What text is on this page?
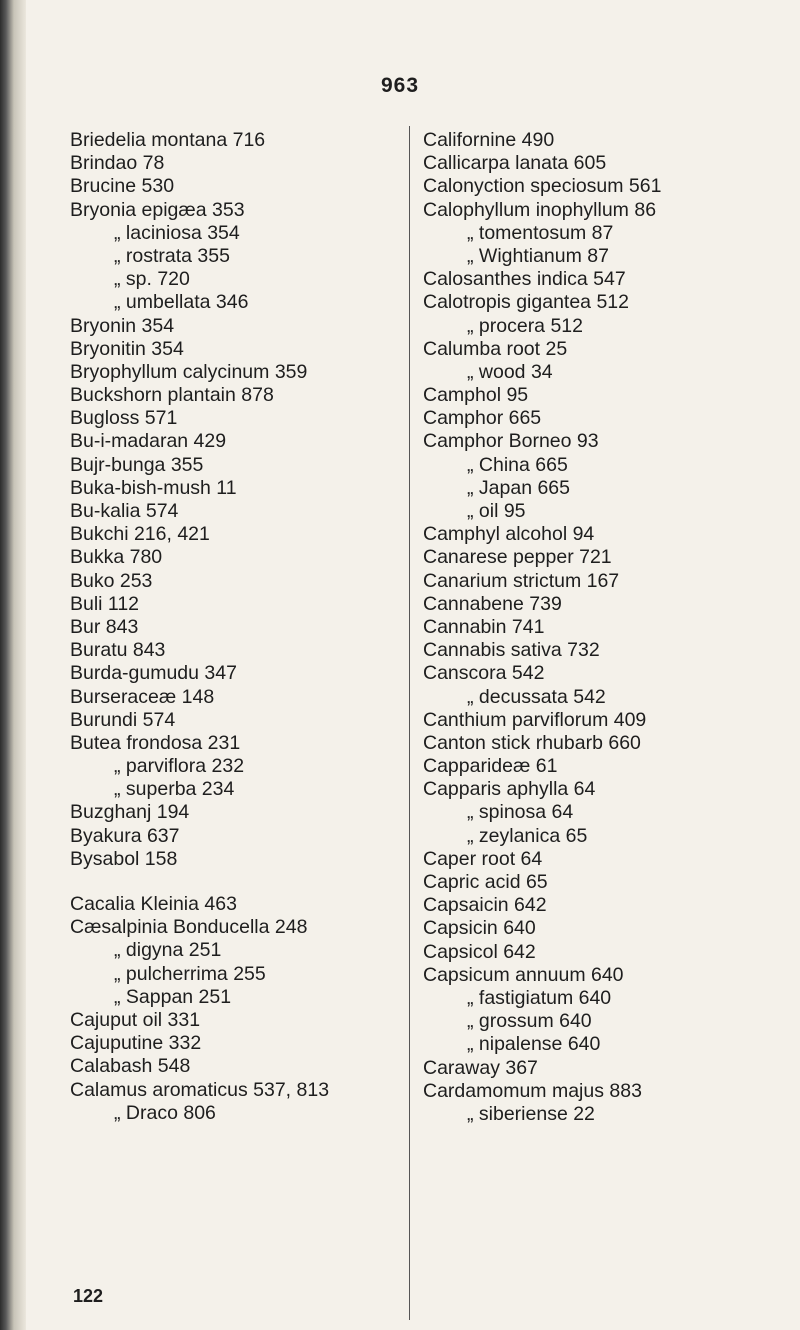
963
Briedelia montana 716
Brindao 78
Brucine 530
Bryonia epigæa 353
„ laciniosa 354
„ rostrata 355
„ sp. 720
„ umbellata 346
Bryonin 354
Bryonitin 354
Bryophyllum calycinum 359
Buckshorn plantain 878
Bugloss 571
Bu-i-madaran 429
Bujr-bunga 355
Buka-bish-mush 11
Bu-kalia 574
Bukchi 216, 421
Bukka 780
Buko 253
Buli 112
Bur 843
Buratu 843
Burda-gumudu 347
Burseraceæ 148
Burundi 574
Butea frondosa 231
„ parviflora 232
„ superba 234
Buzghanj 194
Byakura 637
Bysabol 158
Cacalia Kleinia 463
Cæsalpinia Bonducella 248
„ digyna 251
„ pulcherrima 255
„ Sappan 251
Cajuput oil 331
Cajuputine 332
Calabash 548
Calamus aromaticus 537, 813
„ Draco 806
Californine 490
Callicarpa lanata 605
Calonyction speciosum 561
Calophyllum inophyllum 86
„ tomentosum 87
„ Wightianum 87
Calosanthes indica 547
Calotropis gigantea 512
„ procera 512
Calumba root 25
„ wood 34
Camphol 95
Camphor 665
Camphor Borneo 93
„ China 665
„ Japan 665
„ oil 95
Camphyl alcohol 94
Canarese pepper 721
Canarium strictum 167
Cannabene 739
Cannabin 741
Cannabis sativa 732
Canscora 542
„ decussata 542
Canthium parviflorum 409
Canton stick rhubarb 660
Capparideæ 61
Capparis aphylla 64
„ spinosa 64
„ zeylanica 65
Caper root 64
Capric acid 65
Capsaicin 642
Capsicin 640
Capsicol 642
Capsicum annuum 640
„ fastigiatum 640
„ grossum 640
„ nipalense 640
Caraway 367
Cardamomum majus 883
„ siberiense 22
122
